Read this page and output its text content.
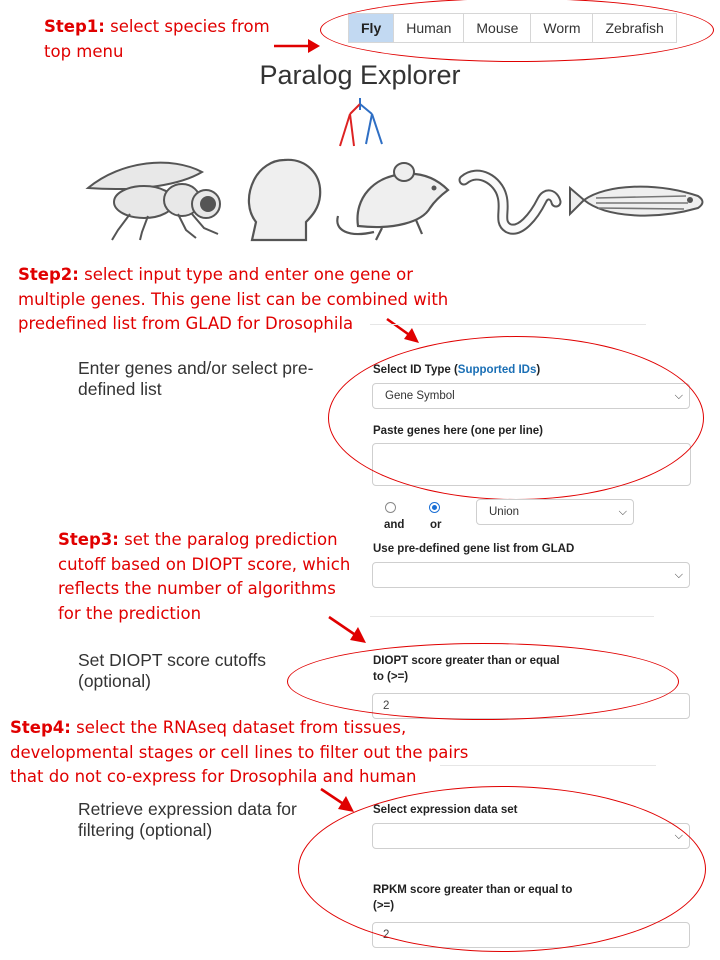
Step1: select species from
top menu
Fly	Human	Mouse	Worm	Zebrafish
Paralog Explorer
Step2: select input type and enter one gene or
multiple genes. This gene list can be combined with
predefined list from GLAD for Drosophila
Enter genes and/or select pre-
defined list
Select ID Type (Supported IDs)
Gene Symbol	⌵
Paste genes here (one per line)
and or
Union	⌵
Use pre-defined gene list from GLAD
⌵
Step3: set the paralog prediction
cutoff based on DIOPT score, which
reflects the number of algorithms
for the prediction
Set DIOPT score cutoffs
(optional)
DIOPT score greater than or equal
to (>=)
2
Step4: select the RNAseq dataset from tissues,
developmental stages or cell lines to filter out the pairs
that do not co-express for Drosophila and human
Retrieve expression data for
filtering (optional)
Select expression data set
⌵
RPKM score greater than or equal to
(>=)
2
